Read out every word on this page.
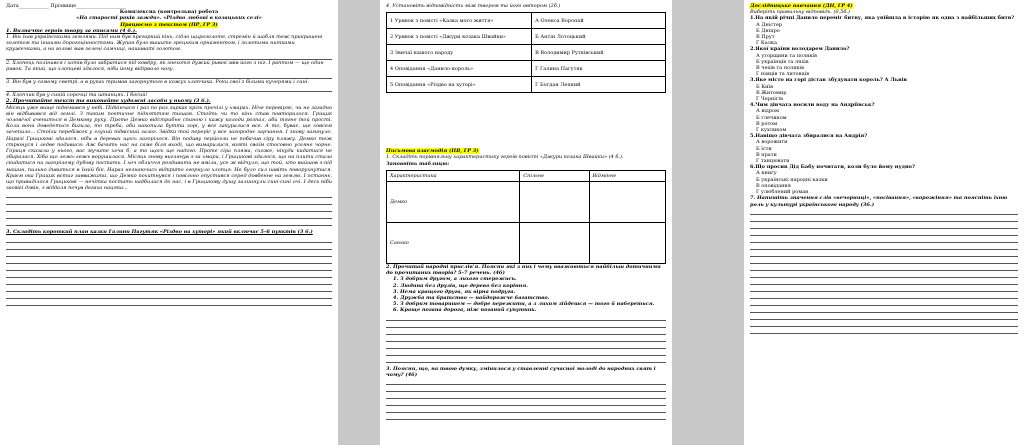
Дата____________ Прізвище____________________
Комплексна (контрольна) робота
«На старості років зажди». «Різдво любові в козацьких селі»
Працюємо з текстом (ПР, ГР 3)
1. Визначте героїв твору за описами (4 б.).
1. Він їхав українськими землями. Під ним був прегарний кінь, сідло щирозолоте, стремін й шабля теж прикрашені золотом та іншими дорогоцінностями. Жупан було вишите грецьким орнаментом, і золотими нитками кружечками, а на голові мав зелені самчиці, нашиваті золотом.
2. Хлопець полінився і хотів було забратися під ковдру, як знехотя дужий ривок звів його з ніг. І раптом — ще один ривок. Та який, що хлопцеві здалося, ніби йому відірвало ногу.
3. Він був у самому светрі, а в руках тримав загорнутого в кожух хлопчика. Роки свої з білими кучерями і сині.
4. Хлопчик був у синій сорочці та штанцях. І босий!
2. Прочитайте текст та виконайте художні засоби у ньому (3 б.).
Місяць уже вище піднімався у небі. Підкінчася і раз по раз зиркає крізь прочілі у хмарах. Ніче перевіряє, чи не загадно він відбивався від землі. З таким поетичне підняттям тишам. Стоїть чи то кінь став повторилося. Грицик чоловічої ачениться в Демкову руку. Проте Демко відстрибне спиною і кажу колоди розпал, аби тягне той прості. Коли вони доведеться бигила, то треба, аби накопила бутти зорі, у все закуралися все. А то, буває, ще совсем зачепило... Стоїли перебіжок у глухий підвісний залог. Звідки той переріс у все загороднє зарчання. І знову загинуло. Наразі Грицькові здалося, ніби в деревах щось загорілося. Він подиву перйогли не побачив сіру пляжу. Демко теж стрюнуся і ледве подивися: Аж бачить нас на саме біля вході, що вимарилися, взяті своїм стосовно усеяне чорне. Гориця сказала у нього, вас мучите хоча б, а то щось ще надого. Проте сіра пляма, схоже, нікуди кидатися не збиралася. Хіба що лежь-лежь ворушилася. Місяць знову виглянув з-за хмари, і Грицикові здалося, що на плити стала скидатися на загорілому дубову постать. І хоч обличчя роздивити не вміли, усе ж відчуло, що той, хто вийшов з-під машин, пильно дивиться в їхній бік. Нараз незнаючись відкрито огорнуло хлопця. Не було сил навіть поворухнутися. Краєм ока Грицик встиг завважити, що Демко похитнувся і повільно опустився серед довбенне на землю. І останнє, що привиділося Грицькові — нечітка постать надбилася до нас, і в Грицикову душу залиннули сині-сині очі. І десь ніби засвієі дзвін, з віддаля почув дегаха нацяка...
3. Складіть короткий план казки Галини Пагутяк «Різдво на хуторі» який включає 5–6 пунктів (3 б.)
4. Установіть відповідність між твором та його автором (2б.)
1 Уривок з повісті «Казка мого життя»	А Олекса Воропай
2 Уривок з повісті «Джури козака Швайки»	Б Антін Лотоцький
3 Звичаї нашого народу	В Володимир Рутківський
4 Оповідання «Данило-король»	Г Галина Пагутяк
5 Оповідання «Різдво на хуторі»	Г Богдан Лепкий
Письмова взаємодія (ПВ, ГР 3)
1. Складіть порівняльну характеристику героїв повісті «Джури козака Швайки» (4 б.).
Заповніть таблицю:
Характеристика	Спільне	Відмінне
Демко		
Санько		
2. Прочитай народні прислів'я. Поясни які з них і чому вважаються найбільш дотичними до прочитаних творів? 5–7 речень. (4б)
1. З добрим другом, а лихого стережись.
2. Людина без друзів, що дерево без коріння.
3. Нема кращого друга, як вірна подруга.
4. Дружба та братство — найдорожче багатство.
5. З добрим товаришем — добре пережити, а з лихим зійдешся — того й набереться.
6. Краще погана дорога, ніж поганий супутник.
3. Поясни, що, на твою думку, змінилося у ставленні сучасної молоді до народних свят і чому? (4б)
Дослідницьке навчання (ДН, ГР 4)
Виберіть правильну відповідь. (0,5б.)
1.На якій річці Данило переміг битву, яка увійшла в історію як одна з найбільших битв?
А Дністер
Б Дніпро
В Прут
Г Калка
2.Якої країни володарем Данило?
А угорщини та поляків
Б українців та ляхів
В чехів та поляків
Г німців та литовців
3.Яке місто на горі дістав збудувати король? А Львів
Б Київ
В Житомир
Г Чернігів
4.Чим дівчата носили воду на Андріївськ?
А відром
Б глечиком
В ротом
Г кухликом
5.Навіщо дівчата збиралися на Андрія?
А ворожити
Б їсти
В прати
Г танцювати
6.Що просив Дід Бабу почитати, коли було йому нудно?
А книгу
Б українські народні казки
В оповідання
Г улюблений роман
7. Напишіть значення слів «вечорниці», «посівання», «ворожіння» та поясніть їхню роль у культурі українського народу (3б.)
